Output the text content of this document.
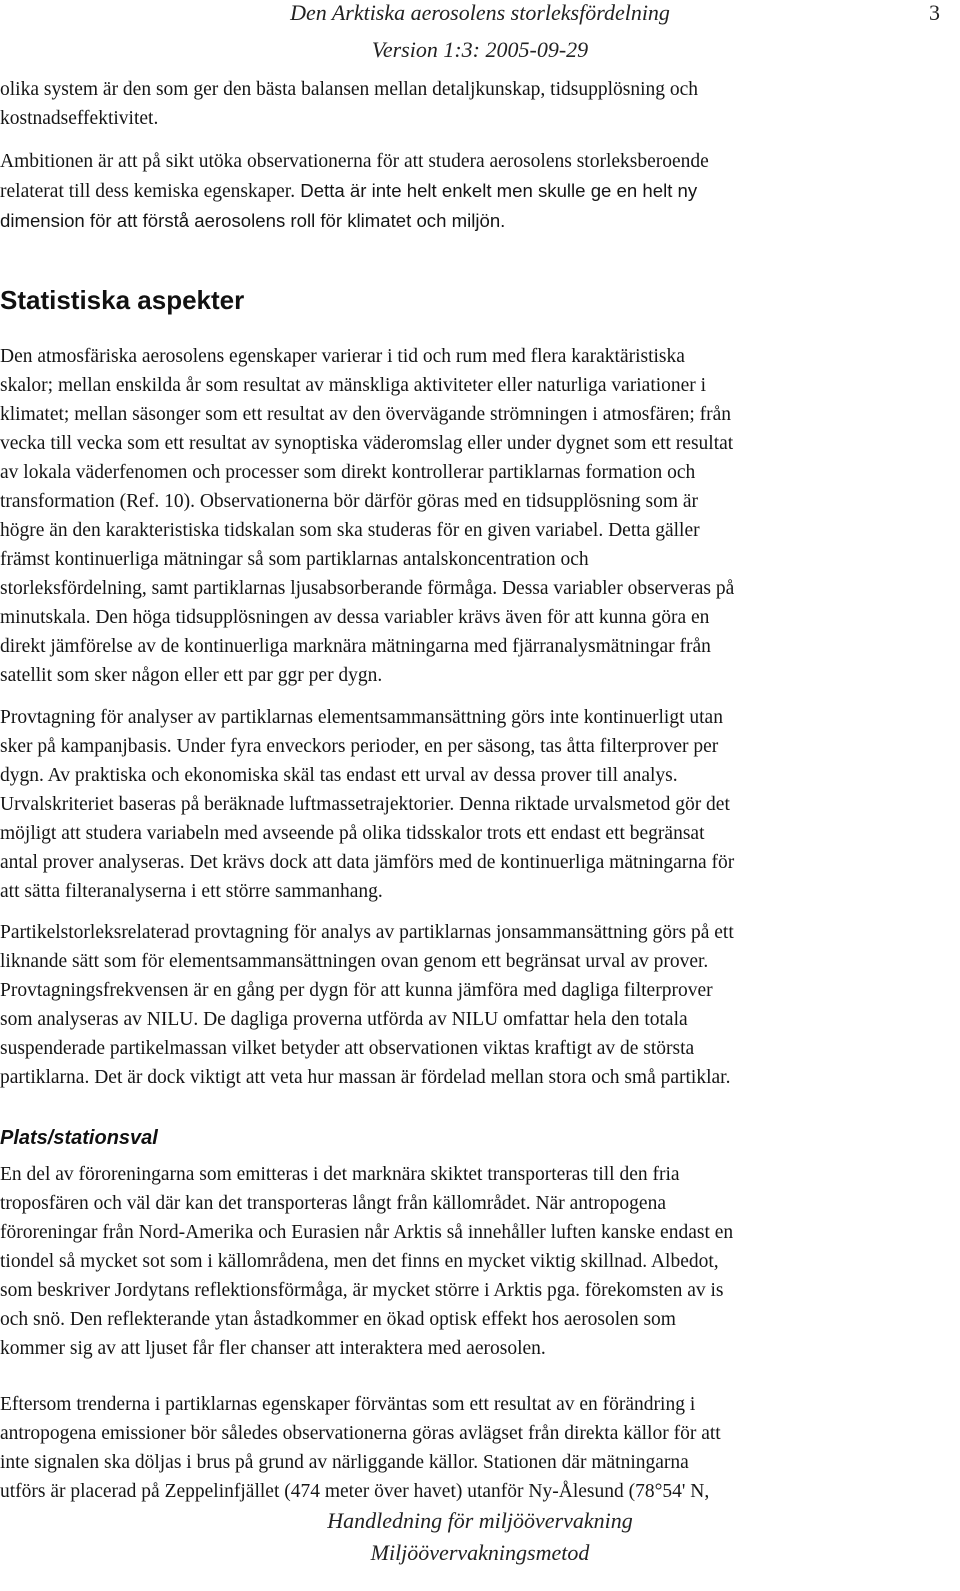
Den Arktiska aerosolens storleksfördelning	3
Version 1:3: 2005-09-29
olika system är den som ger den bästa balansen mellan detaljkunskap, tidsupplösning och
kostnadseffektivitet.
Ambitionen är att på sikt utöka observationerna för att studera aerosolens storleksberoende
relaterat till dess kemiska egenskaper. Detta är inte helt enkelt men skulle ge en helt ny
dimension för att förstå aerosolens roll för klimatet och miljön.
Statistiska aspekter
Den atmosfäriska aerosolens egenskaper varierar i tid och rum med flera karaktäristiska
skalor; mellan enskilda år som resultat av mänskliga aktiviteter eller naturliga variationer i
klimatet; mellan säsonger som ett resultat av den övervägande strömningen i atmosfären; från
vecka till vecka som ett resultat av synoptiska väderomslag eller under dygnet som ett resultat
av lokala väderfenomen och processer som direkt kontrollerar partiklarnas formation och
transformation (Ref. 10). Observationerna bör därför göras med en tidsupplösning som är
högre än den karakteristiska tidskalan som ska studeras för en given variabel. Detta gäller
främst kontinuerliga mätningar så som partiklarnas antalskoncentration och
storleksfördelning, samt partiklarnas ljusabsorberande förmåga. Dessa variabler observeras på
minutskala. Den höga tidsupplösningen av dessa variabler krävs även för att kunna göra en
direkt jämförelse av de kontinuerliga marknära mätningarna med fjärranalysmätningar från
satellit som sker någon eller ett par ggr per dygn.
Provtagning för analyser av partiklarnas elementsammansättning görs inte kontinuerligt utan
sker på kampanjbasis. Under fyra enveckors perioder, en per säsong, tas åtta filterprover per
dygn. Av praktiska och ekonomiska skäl tas endast ett urval av dessa prover till analys.
Urvalskriteriet baseras på beräknade luftmassetrajektorier. Denna riktade urvalsmetod gör det
möjligt att studera variabeln med avseende på olika tidsskalor trots ett endast ett begränsat
antal prover analyseras. Det krävs dock att data jämförs med de kontinuerliga mätningarna för
att sätta filteranalyserna i ett större sammanhang.
Partikelstorleksrelaterad provtagning för analys av partiklarnas jonsammansättning görs på ett
liknande sätt som för elementsammansättningen ovan genom ett begränsat urval av prover.
Provtagningsfrekvensen är en gång per dygn för att kunna jämföra med dagliga filterprover
som analyseras av NILU. De dagliga proverna utförda av NILU omfattar hela den totala
suspenderade partikelmassan vilket betyder att observationen viktas kraftigt av de största
partiklarna. Det är dock viktigt att veta hur massan är fördelad mellan stora och små partiklar.
Plats/stationsval
En del av föroreningarna som emitteras i det marknära skiktet transporteras till den fria
troposfären och väl där kan det transporteras långt från källområdet. När antropogena
föroreningar från Nord-Amerika och Eurasien når Arktis så innehåller luften kanske endast en
tiondel så mycket sot som i källområdena, men det finns en mycket viktig skillnad. Albedot,
som beskriver Jordytans reflektionsförmåga, är mycket större i Arktis pga. förekomsten av is
och snö. Den reflekterande ytan åstadkommer en ökad optisk effekt hos aerosolen som
kommer sig av att ljuset får fler chanser att interaktera med aerosolen.
Eftersom trenderna i partiklarnas egenskaper förväntas som ett resultat av en förändring i
antropogena emissioner bör således observationerna göras avlägset från direkta källor för att
inte signalen ska döljas i brus på grund av närliggande källor. Stationen där mätningarna
utförs är placerad på Zeppelinfjället (474 meter över havet) utanför Ny-Ålesund (78°54' N,
Handledning för miljöövervakning
Miljöövervakningsmetod
